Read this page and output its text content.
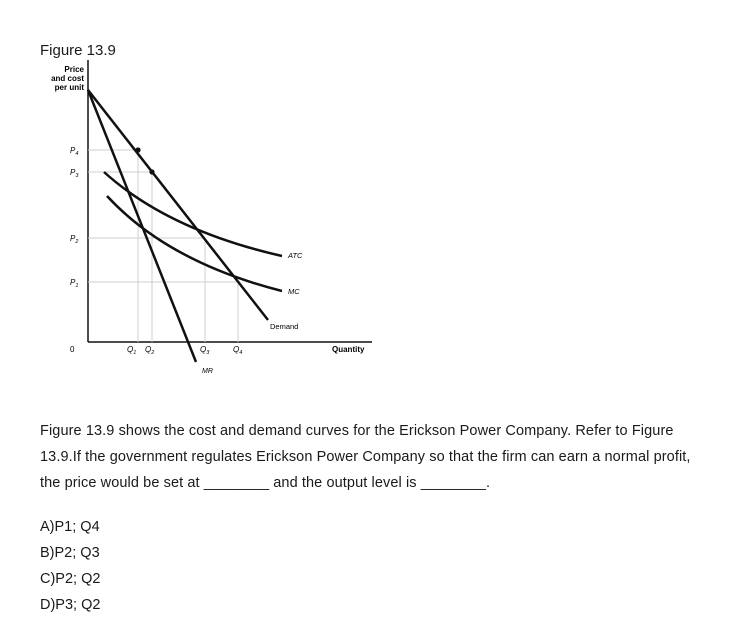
Figure 13.9
Price
and cost
per unit
Quantity
0
$P_4$
$P_3$
$P_2$
$P_1$
$Q_1$ $Q_2$	$Q_3$	$Q_4$
Demand
MR
ATC
MC

Figure 13.9 shows the cost and demand curves for the Erickson Power Company. Refer to Figure 13.9.If the government regulates Erickson Power Company so that the firm can earn a normal profit, the price would be set at ________ and the output level is ________.

A)P1; Q4
B)P2; Q3
C)P2; Q2
D)P3; Q2
